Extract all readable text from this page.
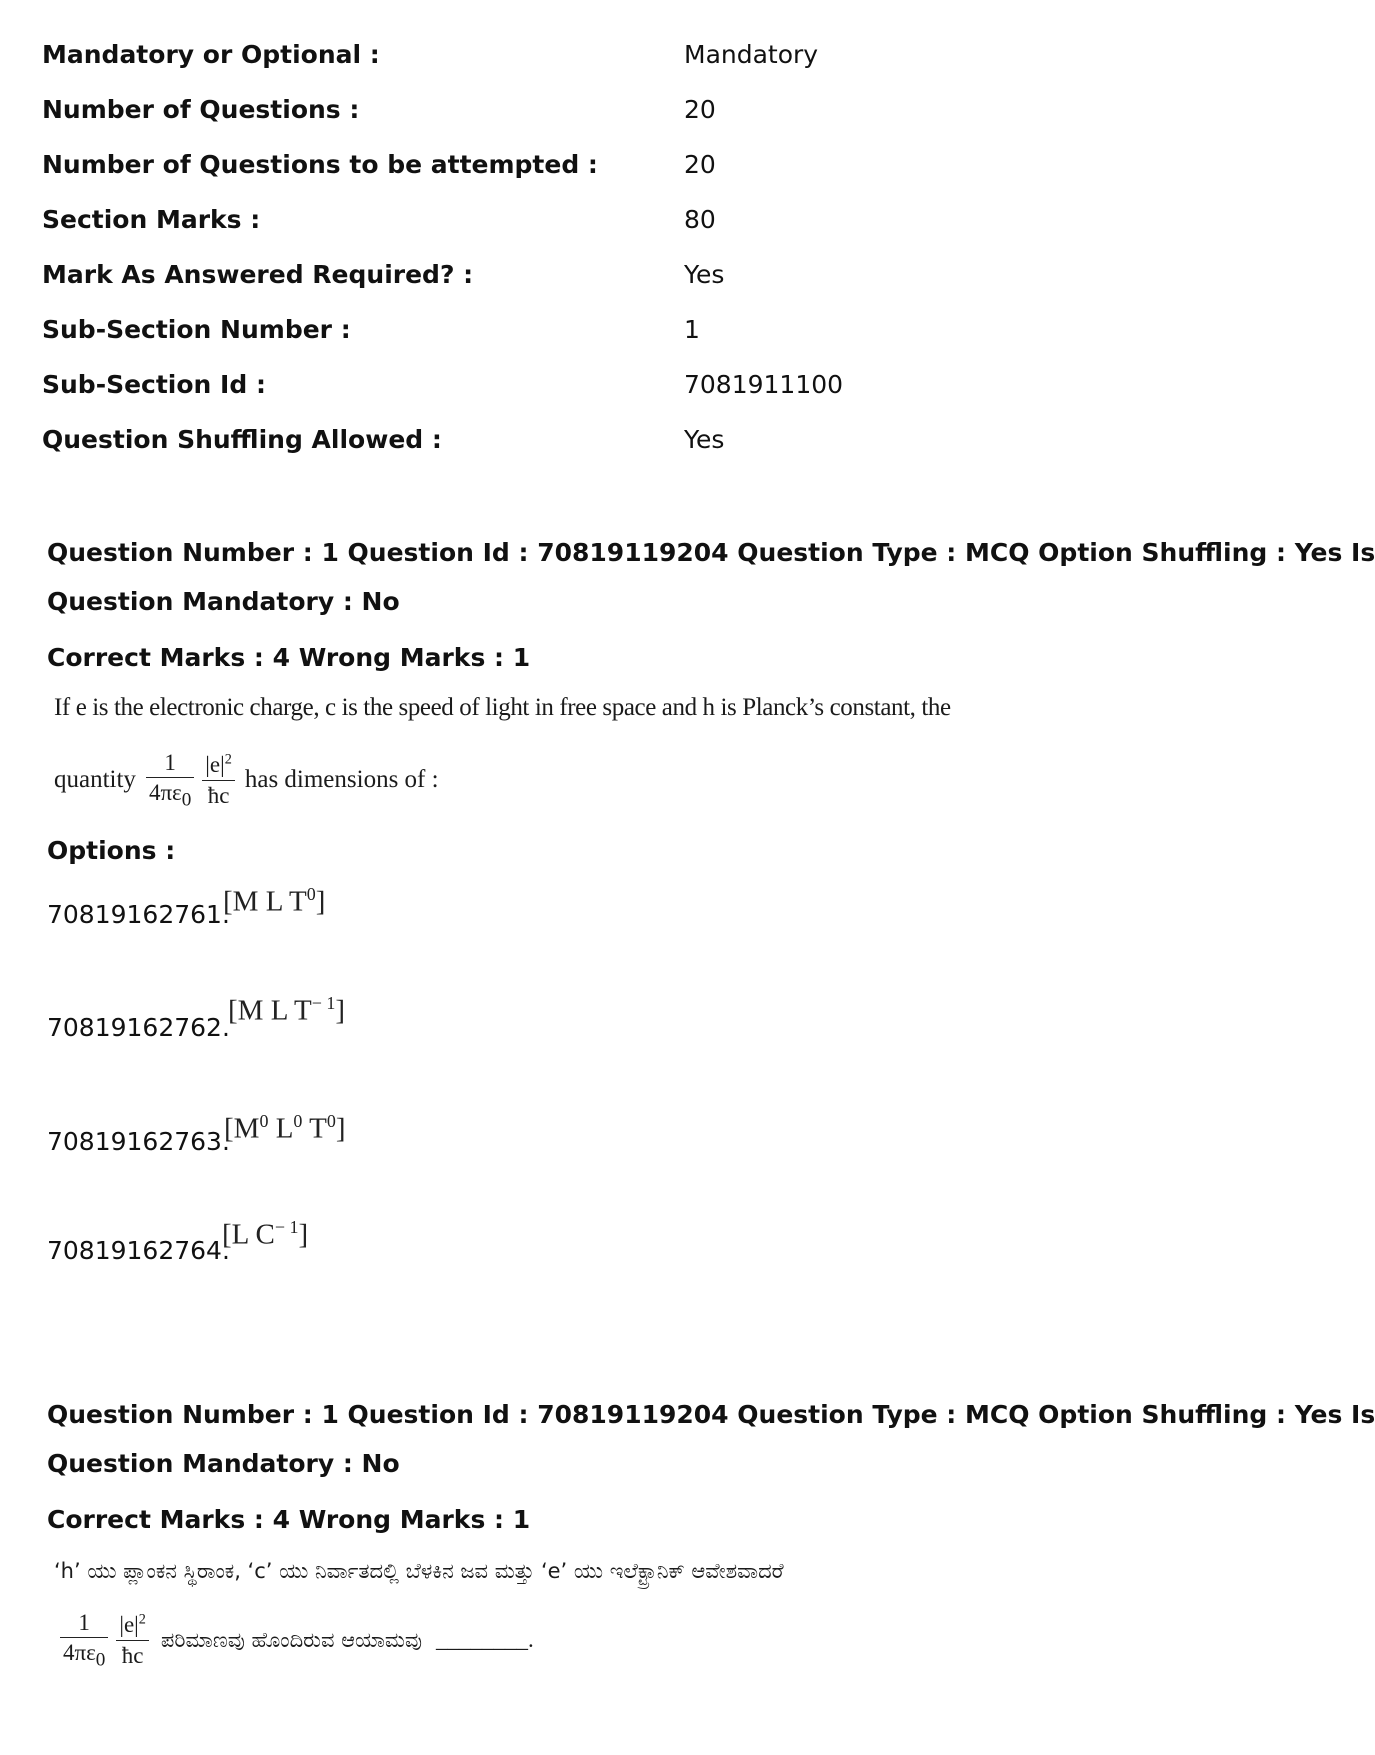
Mandatory or Optional :	Mandatory
Number of Questions :	20
Number of Questions to be attempted :	20
Section Marks :	80
Mark As Answered Required? :	Yes
Sub-Section Number :	1
Sub-Section Id :	7081911100
Question Shuffling Allowed :	Yes
Question Number : 1 Question Id : 70819119204 Question Type : MCQ Option Shuffling : Yes Is
Question Mandatory : No
Correct Marks : 4 Wrong Marks : 1
If e is the electronic charge, c is the speed of light in free space and h is Planck’s constant, the
quantity $\frac{1}{4\pi\varepsilon_0} \frac{|e|^2}{ħc}$ has dimensions of :
Options :
70819162761.
[M L $T^0$]
70819162762.
[M L $T^{- 1}$]
70819162763.
[$M^0$ $L^0$ $T^0$]
70819162764.
[L $C^{- 1}$]
Question Number : 1 Question Id : 70819119204 Question Type : MCQ Option Shuffling : Yes Is
Question Mandatory : No
Correct Marks : 4 Wrong Marks : 1
‘h’ ಯು ಪ್ಲಾಂಕನ ಸ್ಥಿರಾಂಕ, ‘c’ ಯು ನಿರ್ವಾತದಲ್ಲಿ ಬೆಳಕಿನ ಜವ ಮತ್ತು ‘e’ ಯು ಇಲೆಕ್ಟ್ರಾನಿಕ್ ಆವೇಶವಾದರೆ
$\frac{1}{4\pi\varepsilon_0} \frac{|e|^2}{ħc}$ ಪರಿಮಾಣವು ಹೊಂದಿರುವ ಆಯಾಮವು ________.
